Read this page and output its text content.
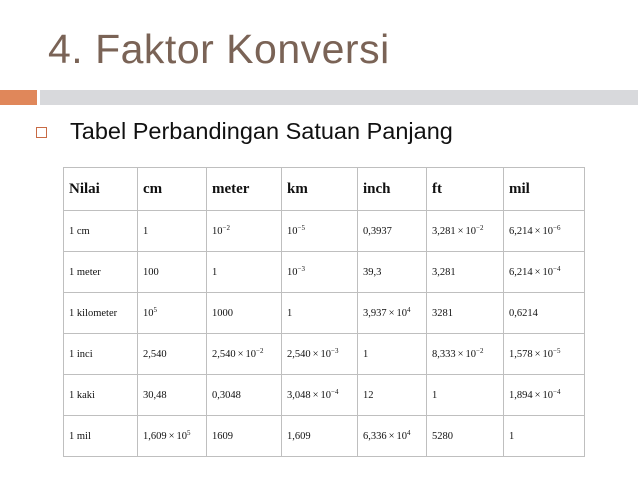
4. Faktor Konversi
Tabel Perbandingan Satuan Panjang
Nilai	cm	meter	km	inch	ft	mil
1 cm	1	$10^{-2}$	$10^{-5}$	0,3937	$3,281 \times 10^{-2}$	$6,214 \times 10^{-6}$
1 meter	100	1	$10^{-3}$	39,3	3,281	$6,214 \times 10^{-4}$
1 kilometer	$10^5$	1000	1	$3,937 \times 10^4$	3281	0,6214
1 inci	2,540	$2,540 \times 10^{-2}$	$2,540 \times 10^{-3}$	1	$8,333 \times 10^{-2}$	$1,578 \times 10^{-5}$
1 kaki	30,48	0,3048	$3,048 \times 10^{-4}$	12	1	$1,894 \times 10^{-4}$
1 mil	$1,609 \times 10^5$	1609	1,609	$6,336 \times 10^4$	5280	1
